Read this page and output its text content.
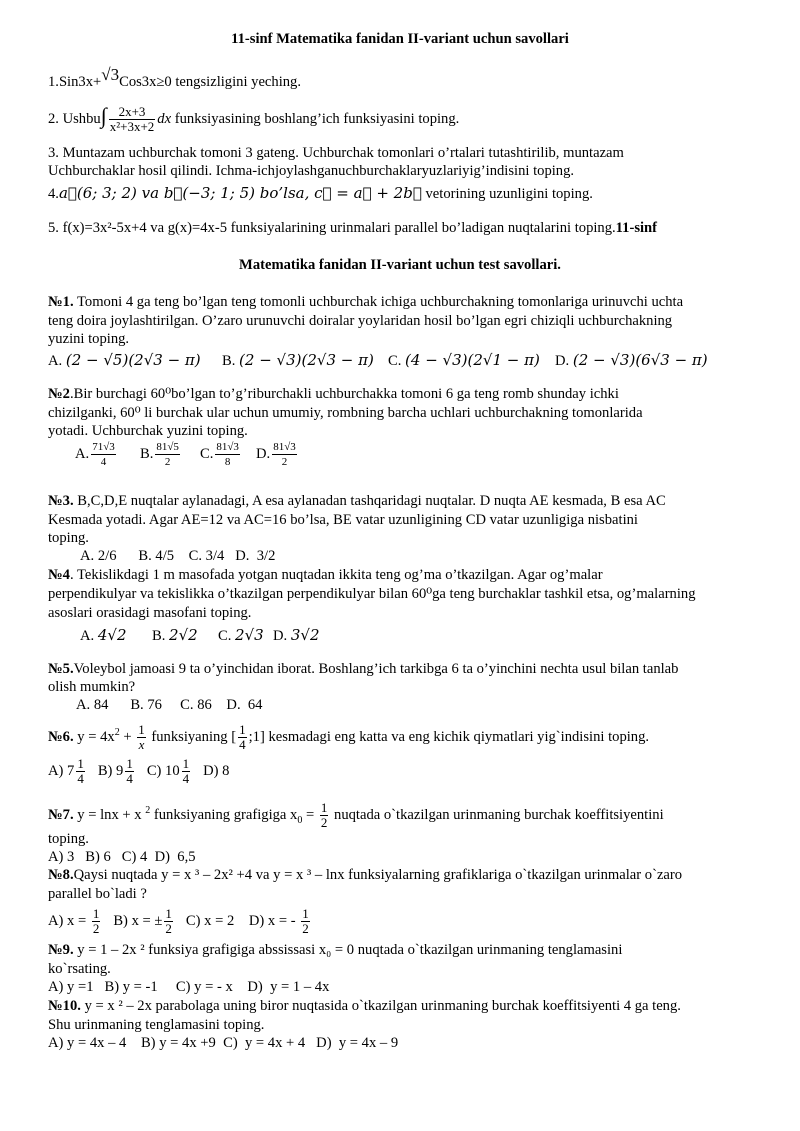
11-sinf Matematika fanidan II-variant uchun savollari
1.Sin3x+√3Cos3x≥0 tengsizligini yeching.
2. Ushbu∫ $\frac{2x+3}{\text{x²+3x+2}}$ dx funksiyasining boshlang’ich funksiyasini toping.
3. Muntazam uchburchak tomoni 3 gateng. Uchburchak tomonlari o’rtalari tutashtirilib, muntazam
Uchburchaklar hosil qilindi. Ichma-ichjoylashganuchburchaklaryuzlariyig’indisini toping.
4.a⃗(6; 3; 2) va b⃗(−3; 1; 5) bo’lsa, c⃗ = a⃗ + 2b⃗ vetorining uzunligini toping.
5. f(x)=3x²-5x+4 va g(x)=4x-5 funksiyalarining urinmalari parallel bo’ladigan nuqtalarini toping.11-sinf
Matematika fanidan II-variant uchun test savollari.
№1. Tomoni 4 ga teng bo’lgan teng tomonli uchburchak ichiga uchburchakning tomonlariga urinuvchi uchta
teng doira joylashtirilgan. O’zaro urunuvchi doiralar yoylaridan hosil bo’lgan egri chiziqli uchburchakning
yuzini toping.
A. (2 − √5)(2√3 − π) B. (2 − √3)(2√3 − π) C. (4 − √3)(2√1 − π) D. (2 − √3)(6√3 − π)
№2.Bir burchagi 60⁰bo’lgan to’g’riburchakli uchburchakka tomoni 6 ga teng romb shunday ichki
chizilganki, 60⁰ li burchak ular uchun umumiy, rombning barcha uchlari uchburchakning tomonlarida
yotadi. Uchburchak yuzini toping.
A. $\frac{71√3}{4} B$. $\frac{81√5}{2} C$. $\frac{81√3}{8} D$. $\frac{81√3}{2}$
№3. B,C,D,E nuqtalar aylanadagi, A esa aylanadan tashqaridagi nuqtalar. D nuqta AE kesmada, B esa AC
Kesmada yotadi. Agar AE=12 va AC=16 bo’lsa, BE vatar uzunligining CD vatar uzunligiga nisbatini
toping.
A. 2/6      B. 4/5    C. 3/4   D.  3/2
№4. Tekislikdagi 1 m masofada yotgan nuqtadan ikkita teng og’ma o’tkazilgan. Agar og’malar
perpendikulyar va tekislikka o’tkazilgan perpendikulyar bilan 60⁰ga teng burchaklar tashkil etsa, og’malarning
asoslari orasidagi masofani toping.
A. 4√2 B. 2√2 C. 2√3 D. 3√2
№5.Voleybol jamoasi 9 ta o’yinchidan iborat. Boshlang’ich tarkibga 6 ta o’yinchini nechta usul bilan tanlab
olish mumkin?
A. 84      B. 76     C. 86    D.  64
№6. $y = 4x^2 + \frac{1}{x}$ funksiyaning [ $\frac{1}{4}$ ;1] kesmadagi eng katta va eng kichik qiymatlari yig`indisini toping.
A) $7 \frac{1}{4} B$) $9 \frac{1}{4} C$) $10 \frac{1}{4} D$) 8
№7. y = lnx + x $^2$ funksiyaning grafigiga $x_0 = \frac{1}{2}$ nuqtada o`tkazilgan urinmaning burchak koeffitsiyentini
toping.
A) 3   B) 6   C) 4  D)  6,5
№8.Qaysi nuqtada y = x ³ – 2x² +4 va y = x ³ – lnx funksiyalarning grafiklariga o`tkazilgan urinmalar o`zaro
parallel bo`ladi ?
A) $x = \frac{1}{2} B$) x = ± $\frac{1}{2} C$) x = 2 D) x = - $\frac{1}{2}$
№9. y = 1 – 2x ² funksiya grafigiga abssissasi x₀ = 0 nuqtada o`tkazilgan urinmaning tenglamasini
ko`rsating.
A) y =1   B) y = -1     C) y = - x    D)  y = 1 – 4x
№10. y = x ² – 2x parabolaga uning biror nuqtasida o`tkazilgan urinmaning burchak koeffitsiyenti 4 ga teng.
Shu urinmaning tenglamasini toping.
A) y = 4x – 4    B) y = 4x +9  C)  y = 4x + 4   D)  y = 4x – 9
